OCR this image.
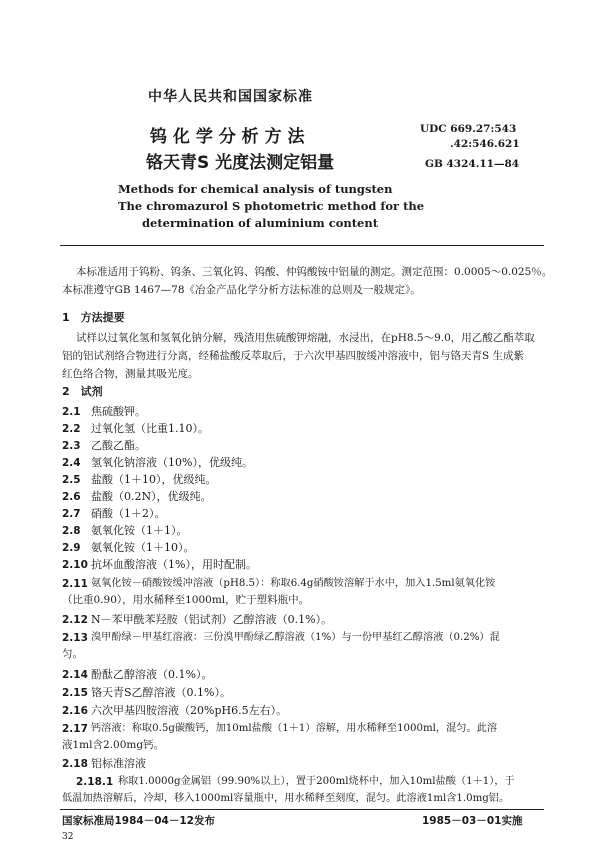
中华人民共和国国家标准
钨 化 学 分 析 方 法
铬天青S 光度法测定铝量
UDC 669.27:543
.42:546.621
GB 4324.11—84
Methods for chemical analysis of tungsten
The chromazurol S photometric method for the
determination of aluminium content
本标准适用于钨粉、钨条、三氧化钨、钨酸、仲钨酸铵中铝量的测定。测定范围：0.0005～0.025％。
本标准遵守GB 1467—78《冶金产品化学分析方法标准的总则及一般规定》。
1　方法提要
试样以过氧化氢和氢氧化钠分解，残渣用焦硫酸钾熔融，水浸出，在pH8.5～9.0，用乙酸乙酯萃取
铝的铝试剂络合物进行分离，经稀盐酸反萃取后，于六次甲基四胺缓冲溶液中，铝与铬天青S 生成紫
红色络合物，测量其吸光度。
2　试剂
2.1 焦硫酸钾。
2.2 过氧化氢（比重1.10）。
2.3 乙酸乙酯。
2.4 氢氧化钠溶液（10%），优级纯。
2.5 盐酸（1＋10），优级纯。
2.6 盐酸（0.2N），优级纯。
2.7 硝酸（1＋2）。
2.8 氨氧化铵（1＋1）。
2.9 氨氧化铵（1＋10）。
2.10 抗坏血酸溶液（1%），用时配制。
2.11 氨氧化铵－硝酸铵缓冲溶液（pH8.5）：称取6.4g硝酸铵溶解于水中，加入1.5ml氨氧化铵
（比重0.90），用水稀释至1000ml，贮于塑料瓶中。
2.12 N－苯甲酰苯羟胺（铝试剂）乙醇溶液（0.1%）。
2.13 溴甲酚绿－甲基红溶液：三份溴甲酚绿乙醇溶液（1%）与一份甲基红乙醇溶液（0.2%）混
匀。
2.14 酚酞乙醇溶液（0.1%）。
2.15 铬天青S乙醇溶液（0.1%）。
2.16 六次甲基四胺溶液（20%pH6.5左右）。
2.17 钙溶液：称取0.5g碳酸钙，加10ml盐酸（1＋1）溶解，用水稀释至1000ml，混匀。此溶
液1ml含2.00mg钙。
2.18 铝标准溶液
2.18.1 称取1.0000g金属铝（99.90%以上），置于200ml烧杯中，加入10ml盐酸（1＋1），于
低温加热溶解后，冷却，移入1000ml容量瓶中，用水稀释至刻度，混匀。此溶液1ml含1.0mg铝。
国家标准局1984－04－12发布	1985－03－01实施
32
